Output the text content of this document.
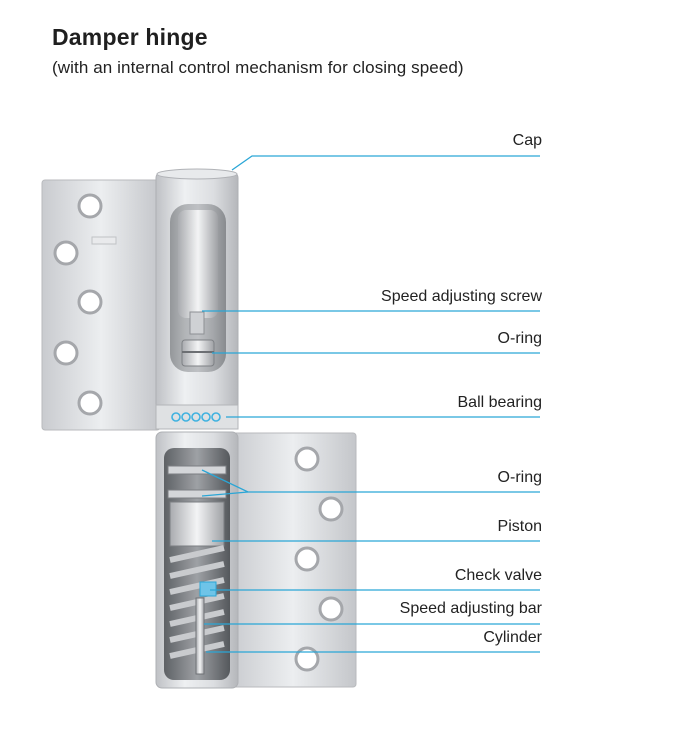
Damper hinge
(with an internal control mechanism for closing speed)
Cap
Speed adjusting screw
O-ring
Ball bearing
O-ring
Piston
Check valve
Speed adjusting bar
Cylinder
